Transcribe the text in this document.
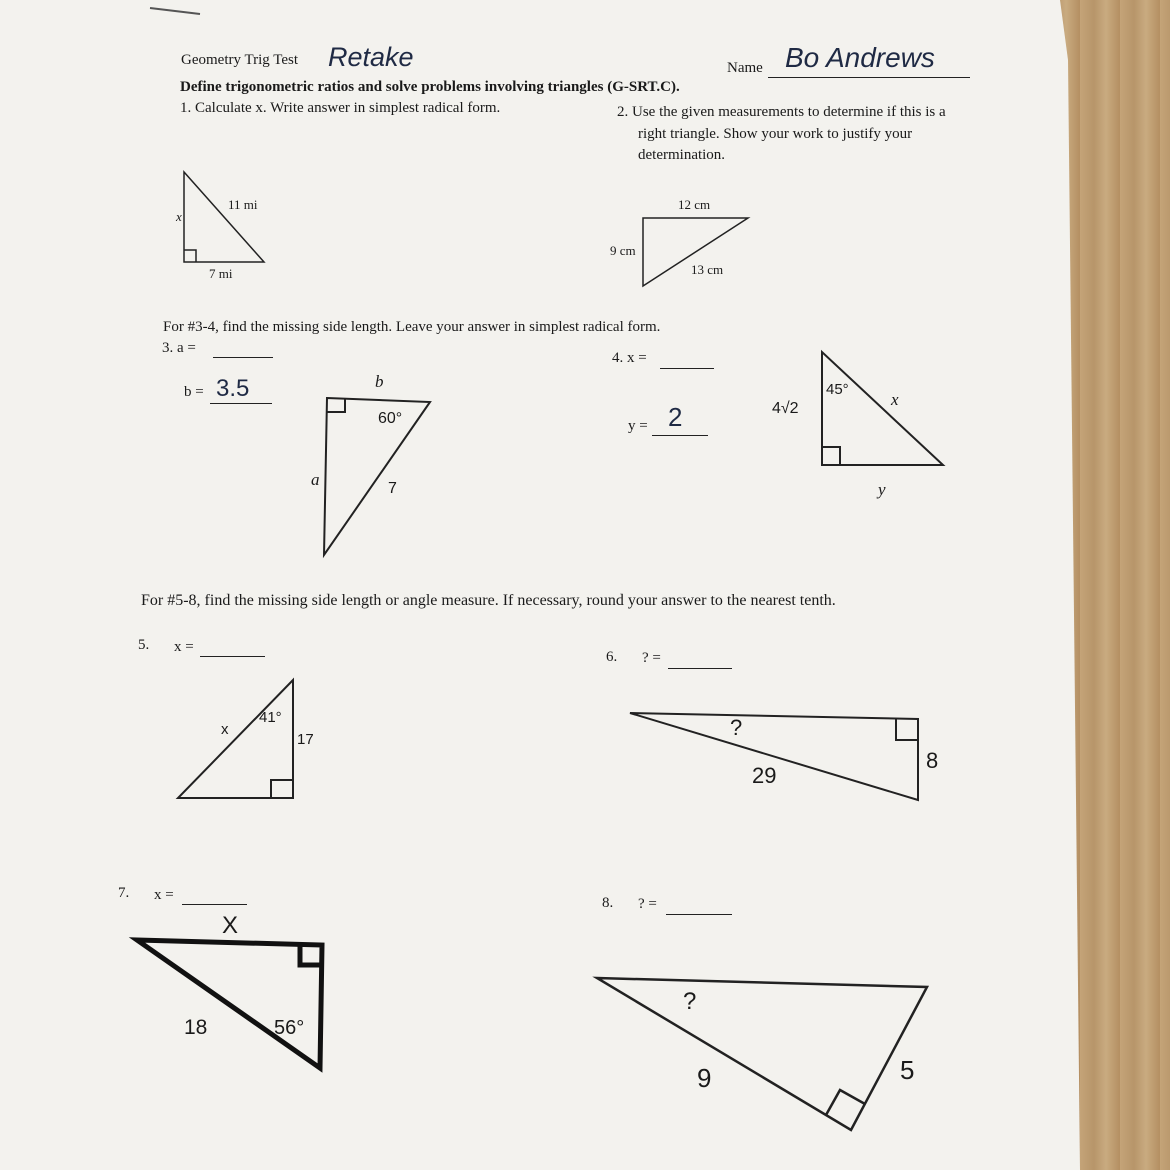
Geometry Trig Test Retake	Name Bo Andrews
Define trigonometric ratios and solve problems involving triangles (G-SRT.C).
1. Calculate x. Write answer in simplest radical form.	2. Use the given measurements to determine if this is a
right triangle. Show your work to justify your
determination.
11 mi
7 mi
x
12 cm
9 cm
13 cm
For #3-4, find the missing side length. Leave your answer in simplest radical form.
3. a =
b = 3.5	b
60°
a	7
4. x =
y = 2
45°
4√2	x
y
For #5-8, find the missing side length or angle measure. If necessary, round your answer to the nearest tenth.
5. x =
x
41°
17
6. ? =
?
29
8
7. x =
X
18	56°
8. ? =
?
9	5
